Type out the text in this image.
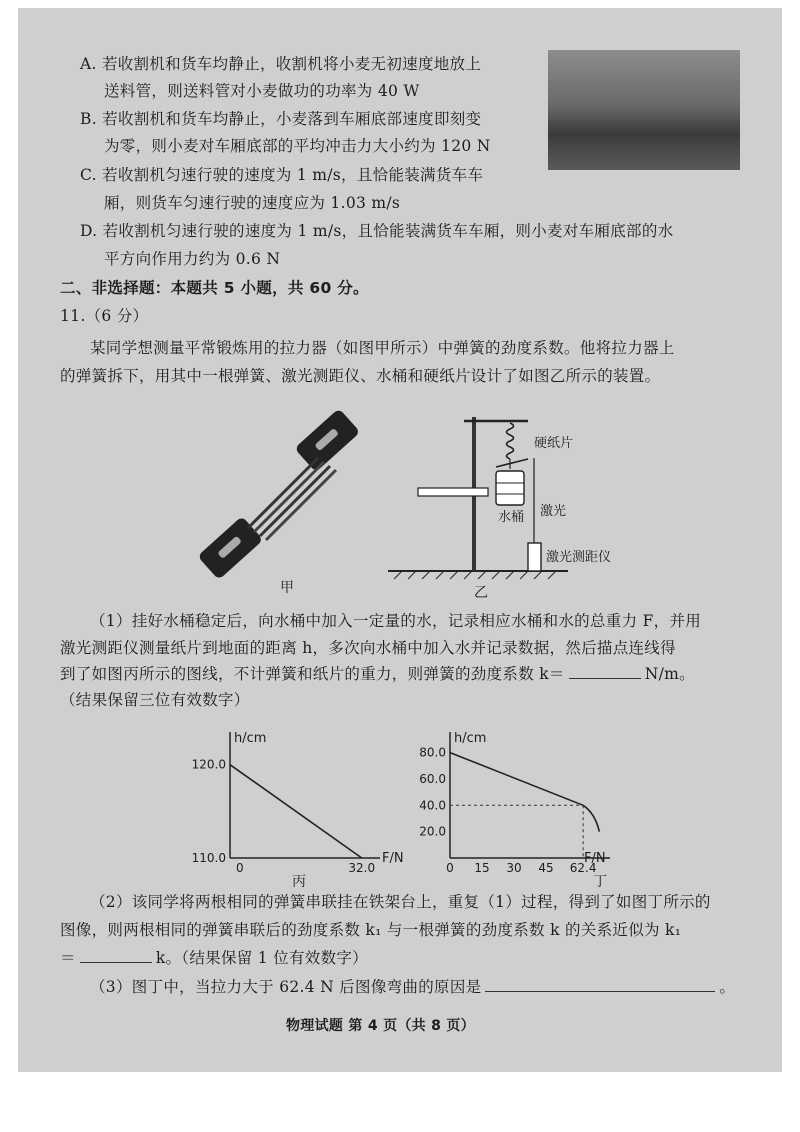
A. 若收割机和货车均静止，收割机将小麦无初速度地放上
送料管，则送料管对小麦做功的功率为 40 W
B. 若收割机和货车均静止，小麦落到车厢底部速度即刻变
为零，则小麦对车厢底部的平均冲击力大小约为 120 N
C. 若收割机匀速行驶的速度为 1 m/s，且恰能装满货车车
厢，则货车匀速行驶的速度应为 1.03 m/s
D. 若收割机匀速行驶的速度为 1 m/s，且恰能装满货车车厢，则小麦对车厢底部的水
平方向作用力约为 0.6 N
二、非选择题：本题共 5 小题，共 60 分。
11.（6 分）
某同学想测量平常锻炼用的拉力器（如图甲所示）中弹簧的劲度系数。他将拉力器上
的弹簧拆下，用其中一根弹簧、激光测距仪、水桶和硬纸片设计了如图乙所示的装置。
甲
硬纸片
水桶 激光
激光测距仪
乙
（1）挂好水桶稳定后，向水桶中加入一定量的水，记录相应水桶和水的总重力 F，并用
激光测距仪测量纸片到地面的距离 h，多次向水桶中加入水并记录数据，然后描点连线得
到了如图丙所示的图线，不计弹簧和纸片的重力，则弹簧的劲度系数 k＝	N/m。
（结果保留三位有效数字）
110.0
120.0
0	32.0
h/cm
F/N
丙
20.0
40.0
60.0
80.0
0 15 30 45 62.4
h/cm
F/N
丁
（2）该同学将两根相同的弹簧串联挂在铁架台上，重复（1）过程，得到了如图丁所示的
图像，则两根相同的弹簧串联后的劲度系数 k₁ 与一根弹簧的劲度系数 k 的关系近似为 k₁
＝	k。（结果保留 1 位有效数字）
（3）图丁中，当拉力大于 62.4 N 后图像弯曲的原因是	。
物理试题 第 4 页（共 8 页）
